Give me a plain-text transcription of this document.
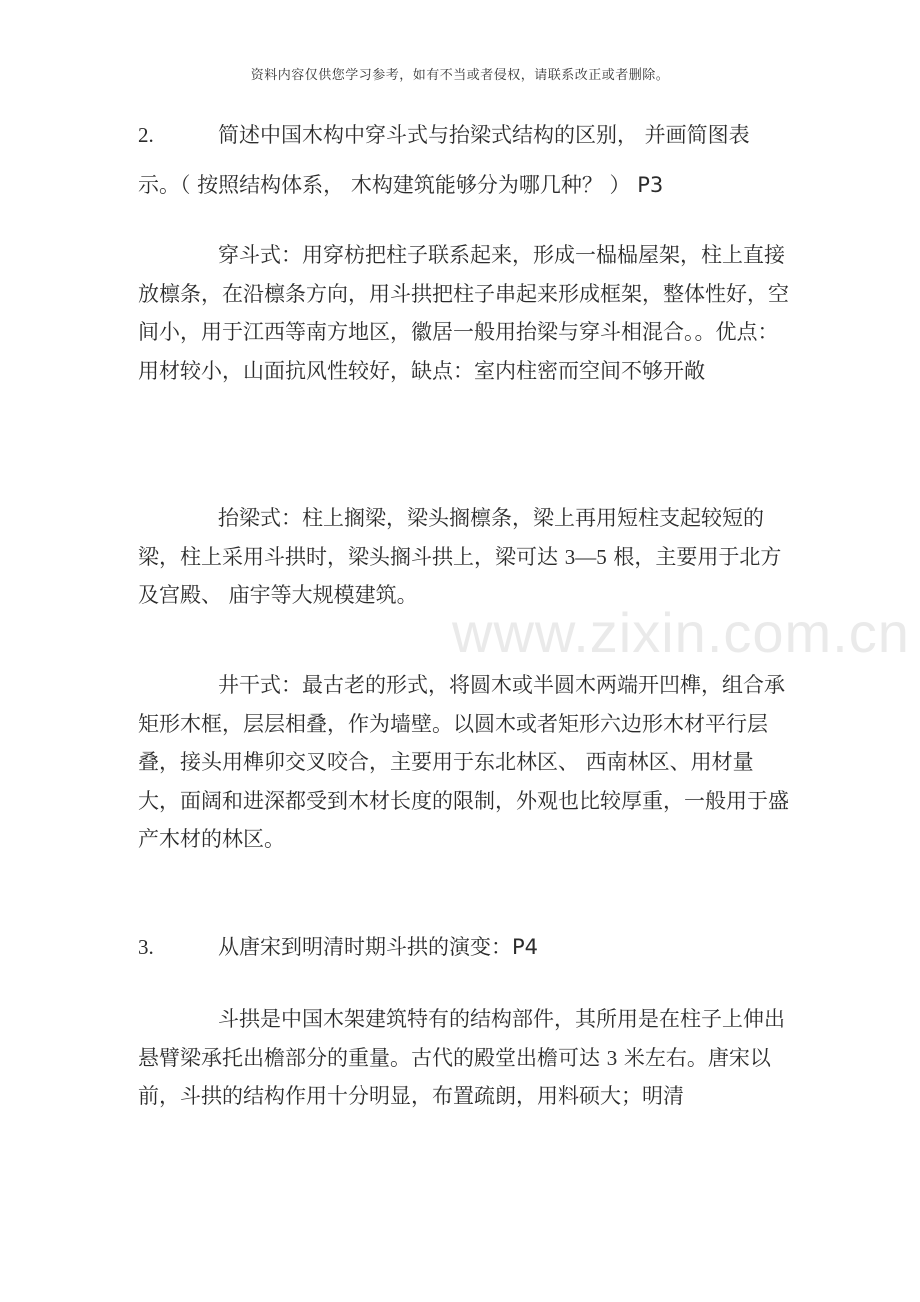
资料内容仅供您学习参考，如有不当或者侵权，请联系改正或者删除。
www.zixin.com.cn

2.	简述中国木构中穿斗式与抬梁式结构的区别， 并画简图表

示。（ 按照结构体系， 木构建筑能够分为哪几种？ ） P3

穿斗式：用穿枋把柱子联系起来，形成一榀榀屋架，柱上直接放檩条，在沿檩条方向，用斗拱把柱子串起来形成框架，整体性好，空间小，用于江西等南方地区，徽居一般用抬梁与穿斗相混合。。优点：用材较小，山面抗风性较好，缺点：室内柱密而空间不够开敞

抬梁式：柱上搁梁，梁头搁檩条，梁上再用短柱支起较短的梁，柱上采用斗拱时，梁头搁斗拱上，梁可达 3—5 根，主要用于北方及宫殿、 庙宇等大规模建筑。

井干式：最古老的形式，将圆木或半圆木两端开凹榫，组合承矩形木框，层层相叠，作为墙壁。以圆木或者矩形六边形木材平行层叠，接头用榫卯交叉咬合，主要用于东北林区、 西南林区、用材量大，面阔和进深都受到木材长度的限制，外观也比较厚重，一般用于盛产木材的林区。

3.	从唐宋到明清时期斗拱的演变：P4

斗拱是中国木架建筑特有的结构部件，其所用是在柱子上伸出悬臂梁承托出檐部分的重量。古代的殿堂出檐可达 3 米左右。唐宋以前，斗拱的结构作用十分明显，布置疏朗，用料硕大；明清
